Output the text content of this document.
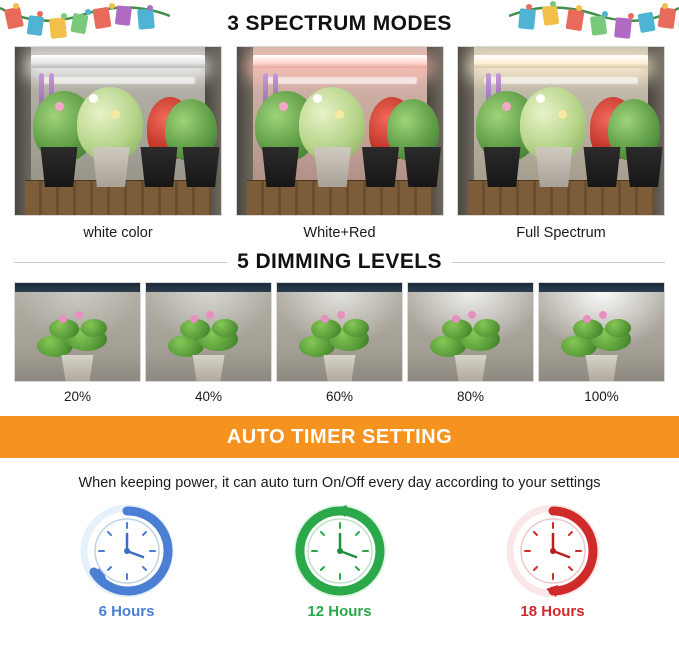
3 SPECTRUM MODES
white color	White+Red	Full Spectrum
5 DIMMING LEVELS
20%	40%	60%	80%	100%
AUTO TIMER SETTING
When keeping power, it can auto turn On/Off every day according to your settings
6 Hours	12 Hours	18 Hours
